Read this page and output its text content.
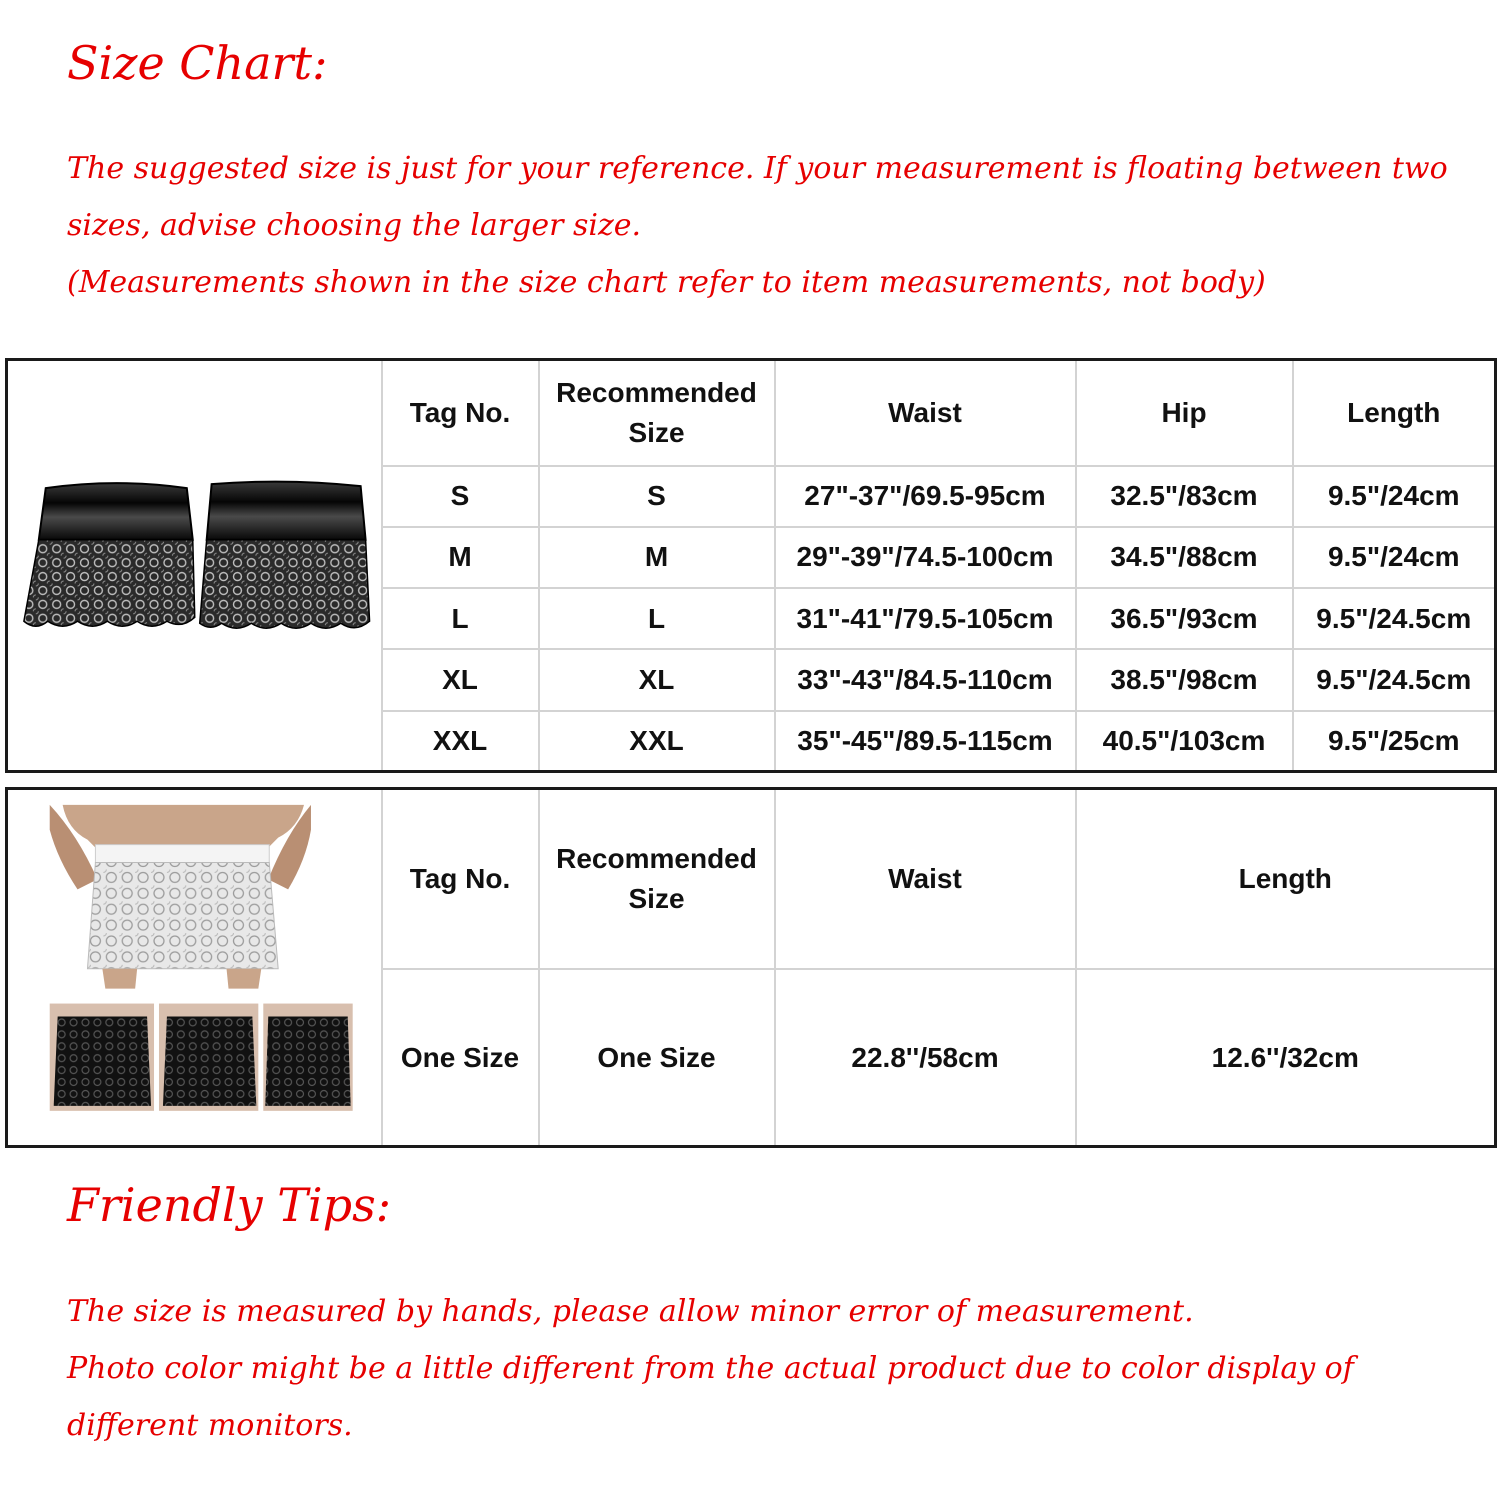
Size Chart:

The suggested size is just for your reference. If your measurement is floating between two

sizes, advise choosing the larger size.

(Measurements shown in the size chart refer to item measurements, not body)

	Tag No.	Recommended Size	Waist	Hip	Length
	S	S	27"-37"/69.5-95cm	32.5"/83cm	9.5"/24cm
	M	M	29"-39"/74.5-100cm	34.5"/88cm	9.5"/24cm
	L	L	31"-41"/79.5-105cm	36.5"/93cm	9.5"/24.5cm
	XL	XL	33"-43"/84.5-110cm	38.5"/98cm	9.5"/24.5cm
	XXL	XXL	35"-45"/89.5-115cm	40.5"/103cm	9.5"/25cm
	Tag No.	Recommended Size	Waist	Length
	One Size	One Size	22.8''/58cm	12.6''/32cm
Friendly Tips:

The size is measured by hands, please allow minor error of measurement.

Photo color might be a little different from the actual product due to color display of

different monitors.
